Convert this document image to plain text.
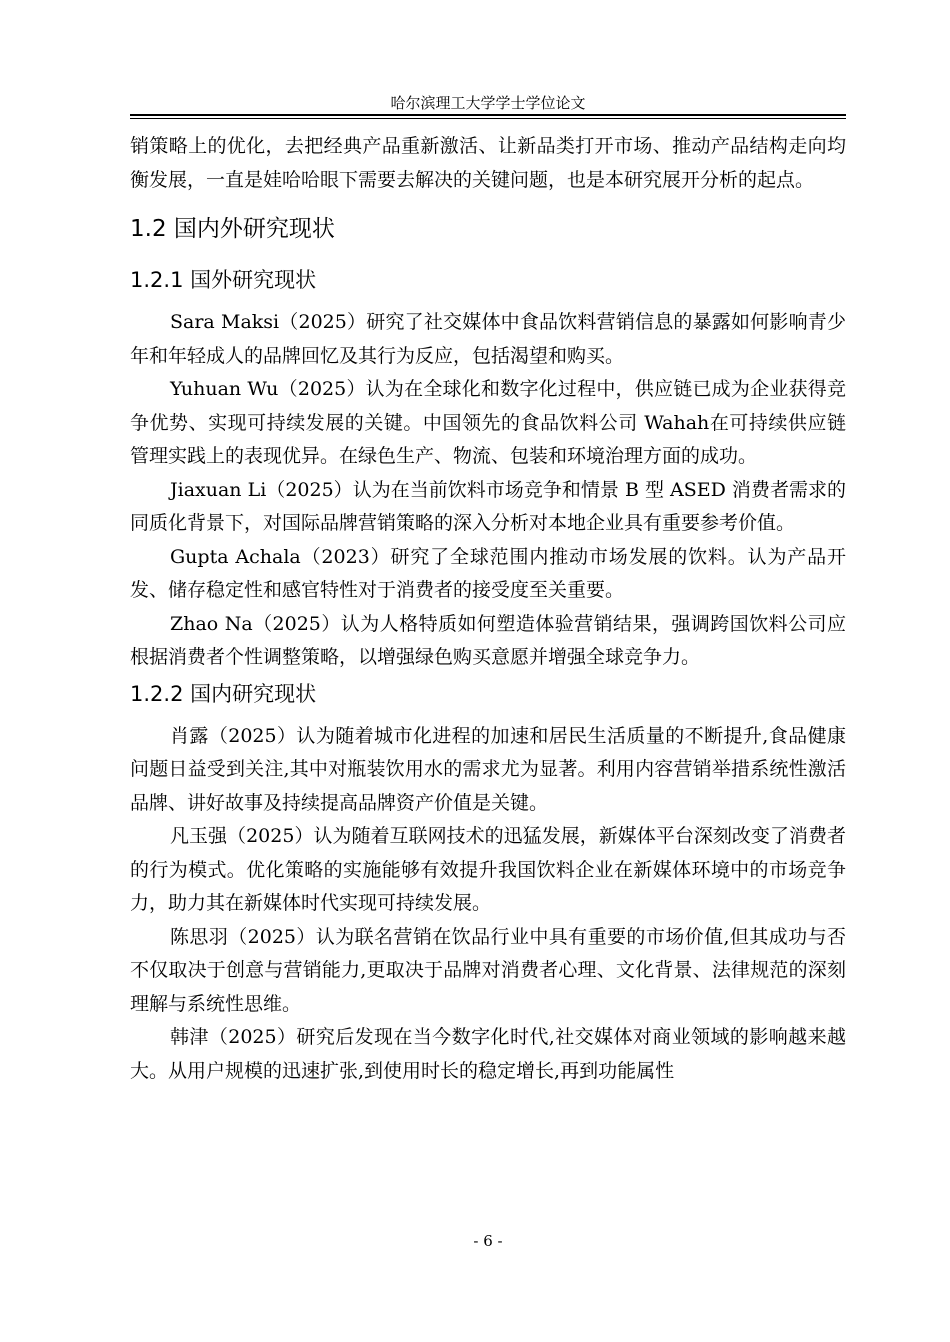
哈尔滨理工大学学士学位论文

销策略上的优化，去把经典产品重新激活、让新品类打开市场、推动产品结构走向均衡发展，一直是娃哈哈眼下需要去解决的关键问题，也是本研究展开分析的起点。

1.2 国内外研究现状
1.2.1 国外研究现状

Sara Maksi（2025）研究了社交媒体中食品饮料营销信息的暴露如何影响青少年和年轻成人的品牌回忆及其行为反应，包括渴望和购买。

Yuhuan Wu（2025）认为在全球化和数字化过程中，供应链已成为企业获得竞争优势、实现可持续发展的关键。中国领先的食品饮料公司 Wahah在可持续供应链管理实践上的表现优异。在绿色生产、物流、包装和环境治理方面的成功。

Jiaxuan Li（2025）认为在当前饮料市场竞争和情景 B 型 ASED 消费者需求的同质化背景下，对国际品牌营销策略的深入分析对本地企业具有重要参考价值。

Gupta Achala（2023）研究了全球范围内推动市场发展的饮料。认为产品开发、储存稳定性和感官特性对于消费者的接受度至关重要。

Zhao Na（2025）认为人格特质如何塑造体验营销结果，强调跨国饮料公司应根据消费者个性调整策略，以增强绿色购买意愿并增强全球竞争力。

1.2.2 国内研究现状

肖露（2025）认为随着城市化进程的加速和居民生活质量的不断提升,食品健康问题日益受到关注,其中对瓶装饮用水的需求尤为显著。利用内容营销举措系统性激活品牌、讲好故事及持续提高品牌资产价值是关键。

凡玉强（2025）认为随着互联网技术的迅猛发展，新媒体平台深刻改变了消费者的行为模式。优化策略的实施能够有效提升我国饮料企业在新媒体环境中的市场竞争力，助力其在新媒体时代实现可持续发展。

陈思羽（2025）认为联名营销在饮品行业中具有重要的市场价值,但其成功与否不仅取决于创意与营销能力,更取决于品牌对消费者心理、文化背景、法律规范的深刻理解与系统性思维。

韩津（2025）研究后发现在当今数字化时代,社交媒体对商业领域的影响越来越大。从用户规模的迅速扩张,到使用时长的稳定增长,再到功能属性

- 6 -
